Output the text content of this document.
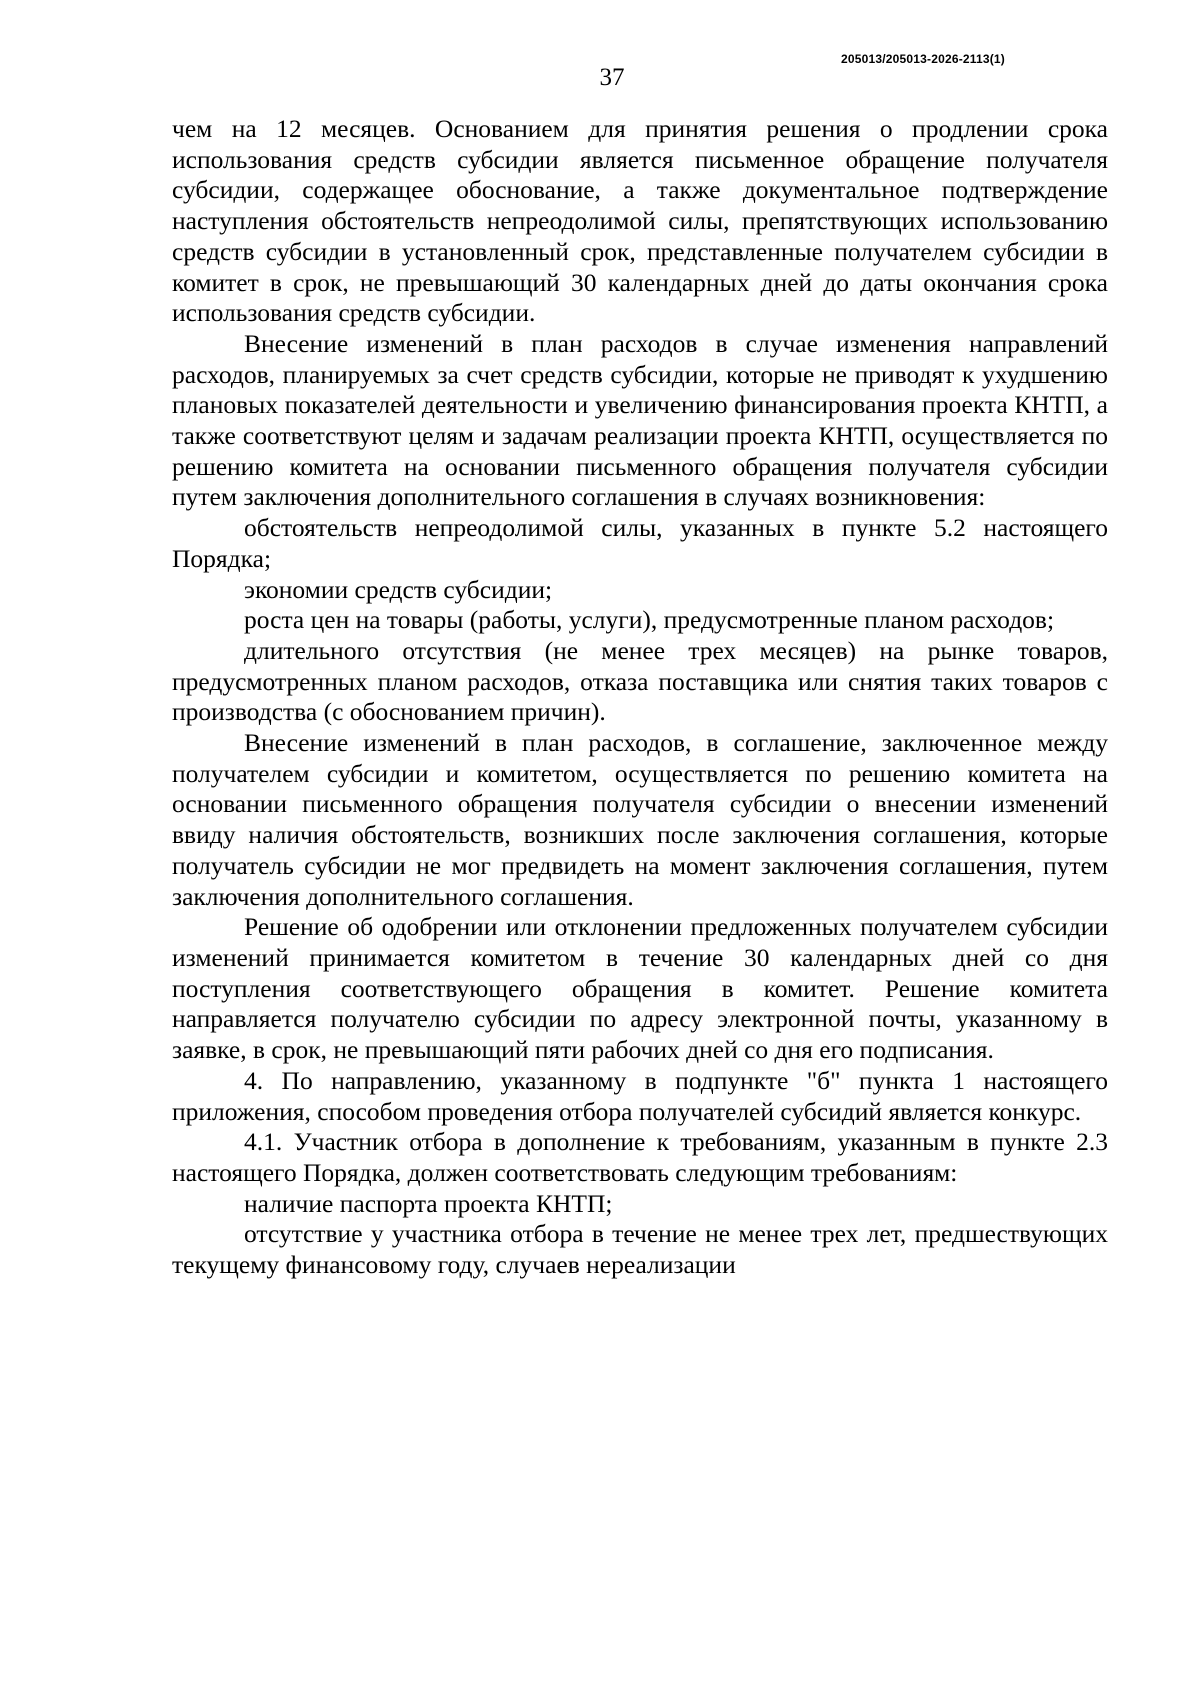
205013/205013-2026-2113(1)
37

чем на 12 месяцев. Основанием для принятия решения о продлении срока использования средств субсидии является письменное обращение получателя субсидии, содержащее обоснование, а также документальное подтверждение наступления обстоятельств непреодолимой силы, препятствующих использованию средств субсидии в установленный срок, представленные получателем субсидии в комитет в срок, не превышающий 30 календарных дней до даты окончания срока использования средств субсидии.

Внесение изменений в план расходов в случае изменения направлений расходов, планируемых за счет средств субсидии, которые не приводят к ухудшению плановых показателей деятельности и увеличению финансирования проекта КНТП, а также соответствуют целям и задачам реализации проекта КНТП, осуществляется по решению комитета на основании письменного обращения получателя субсидии путем заключения дополнительного соглашения в случаях возникновения:

обстоятельств непреодолимой силы, указанных в пункте 5.2 настоящего Порядка;

экономии средств субсидии;

роста цен на товары (работы, услуги), предусмотренные планом расходов;

длительного отсутствия (не менее трех месяцев) на рынке товаров, предусмотренных планом расходов, отказа поставщика или снятия таких товаров с производства (с обоснованием причин).

Внесение изменений в план расходов, в соглашение, заключенное между получателем субсидии и комитетом, осуществляется по решению комитета на основании письменного обращения получателя субсидии о внесении изменений ввиду наличия обстоятельств, возникших после заключения соглашения, которые получатель субсидии не мог предвидеть на момент заключения соглашения, путем заключения дополнительного соглашения.

Решение об одобрении или отклонении предложенных получателем субсидии изменений принимается комитетом в течение 30 календарных дней со дня поступления соответствующего обращения в комитет. Решение комитета направляется получателю субсидии по адресу электронной почты, указанному в заявке, в срок, не превышающий пяти рабочих дней со дня его подписания.

4. По направлению, указанному в подпункте "б" пункта 1 настоящего приложения, способом проведения отбора получателей субсидий является конкурс.

4.1. Участник отбора в дополнение к требованиям, указанным в пункте 2.3 настоящего Порядка, должен соответствовать следующим требованиям:

наличие паспорта проекта КНТП;

отсутствие у участника отбора в течение не менее трех лет, предшествующих текущему финансовому году, случаев нереализации
